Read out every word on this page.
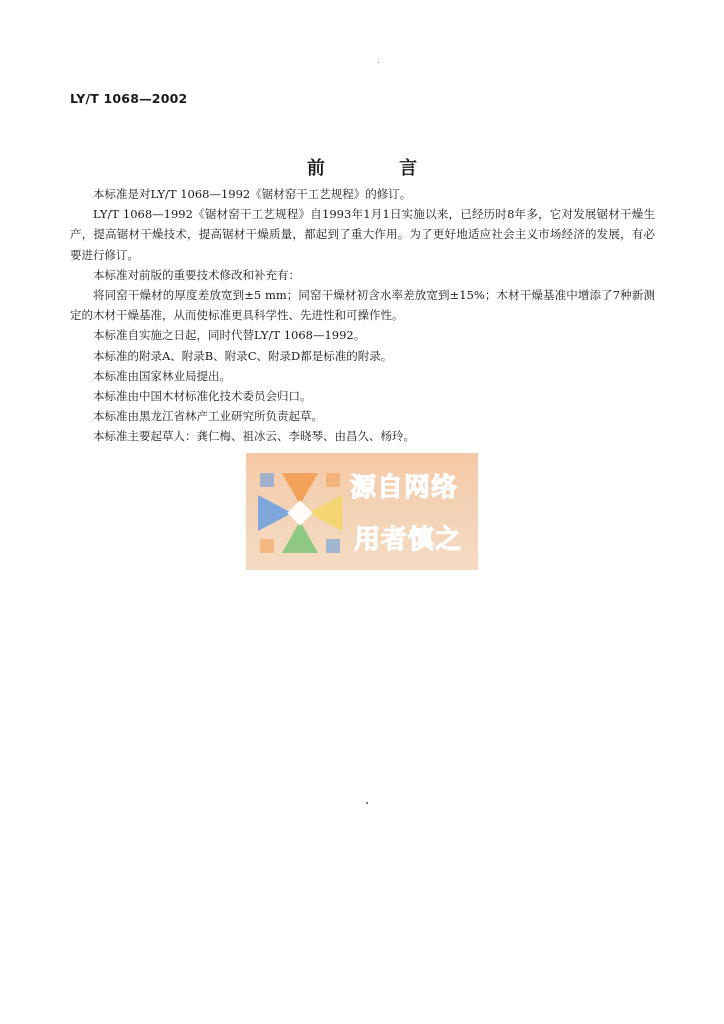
LY/T 1068—2002
前 言

本标准是对LY/T 1068—1992《锯材窑干工艺规程》的修订。

LY/T 1068—1992《锯材窑干工艺规程》自1993年1月1日实施以来，已经历时8年多，它对发展锯材干燥生产，提高锯材干燥技术，提高锯材干燥质量，都起到了重大作用。为了更好地适应社会主义市场经济的发展，有必要进行修订。

本标准对前版的重要技术修改和补充有：

将同窑干燥材的厚度差放宽到±5 mm；同窑干燥材初含水率差放宽到±15%；木材干燥基准中增添了7种新测定的木材干燥基准，从而使标准更具科学性、先进性和可操作性。

本标准自实施之日起，同时代替LY/T 1068—1992。

本标准的附录A、附录B、附录C、附录D都是标准的附录。

本标准由国家林业局提出。

本标准由中国木材标准化技术委员会归口。

本标准由黑龙江省林产工业研究所负责起草。

本标准主要起草人：龚仁梅、祖冰云、李晓琴、由昌久、杨玲。

源自网络
用者慎之
